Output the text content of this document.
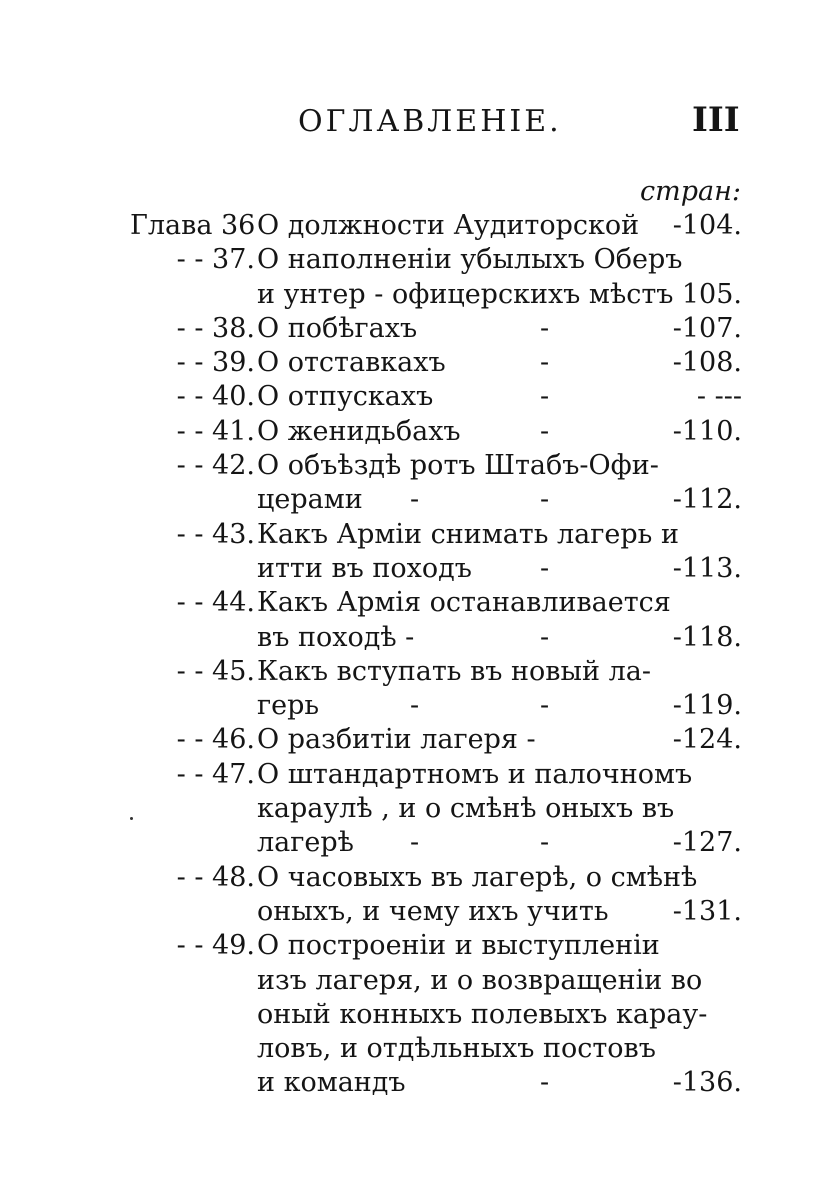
ОГЛАВЛЕНІЕ.	III
стран:
Глава 36 О должности Аудиторской -104.
- - 37. О наполненіи убылыхъ Оберъ
и унтер - офицерскихъ мѣстъ 105.
- - 38. О побѣгахъ	-	-107.
- - 39. О отставкахъ	-	-108.
- - 40. О отпускахъ	-	- ---
- - 41. О женидьбахъ	-	-110.
- - 42. О объѣздѣ ротъ Штабъ-Офи-
церами -	-	-112.
- - 43. Какъ Арміи снимать лагерь и
итти въ походъ	-	-113.
- - 44. Какъ Армія останавливается
въ походѣ -	-	-118.
- - 45. Какъ вступать въ новый ла-
герь	-	-	-119.
- - 46. О разбитіи лагеря -	-124.
- - 47. О штандартномъ и палочномъ
караулѣ , и о смѣнѣ оныхъ въ
лагерѣ -	-	-127.
- - 48. О часовыхъ въ лагерѣ, о смѣнѣ
оныхъ, и чему ихъ учить -131.
- - 49. О построеніи и выступленіи
изъ лагеря, и о возвращеніи во
оный конныхъ полевыхъ карау-
ловъ, и отдѣльныхъ постовъ
и командъ	-	-136.
